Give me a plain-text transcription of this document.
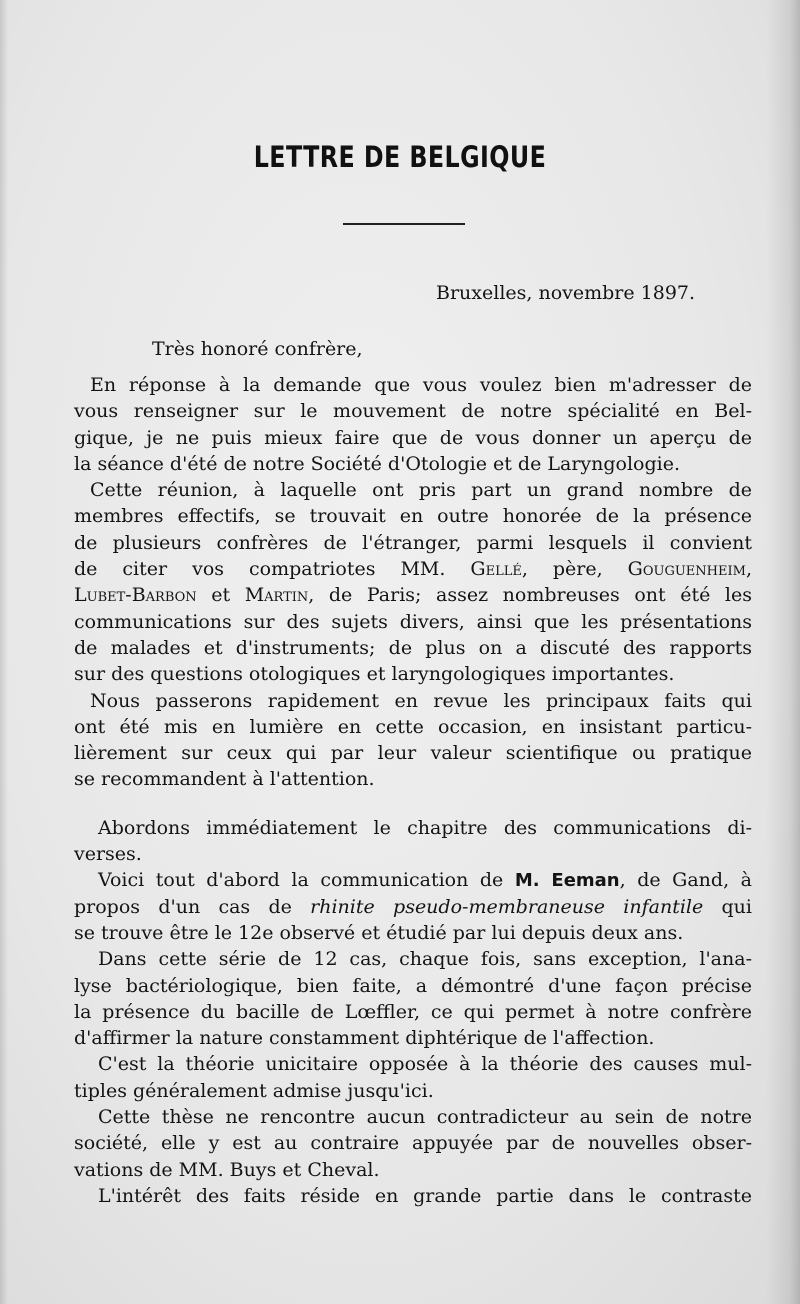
LETTRE DE BELGIQUE
Bruxelles, novembre 1897.
Très honoré confrère,
En réponse à la demande que vous voulez bien m'adresser de
vous renseigner sur le mouvement de notre spécialité en Bel-
gique, je ne puis mieux faire que de vous donner un aperçu de
la séance d'été de notre Société d'Otologie et de Laryngologie.
Cette réunion, à laquelle ont pris part un grand nombre de
membres effectifs, se trouvait en outre honorée de la présence
de plusieurs confrères de l'étranger, parmi lesquels il convient
de citer vos compatriotes MM. Gellé, père, Gouguenheim,
Lubet-Barbon et Martin, de Paris; assez nombreuses ont été les
communications sur des sujets divers, ainsi que les présentations
de malades et d'instruments; de plus on a discuté des rapports
sur des questions otologiques et laryngologiques importantes.
Nous passerons rapidement en revue les principaux faits qui
ont été mis en lumière en cette occasion, en insistant particu-
lièrement sur ceux qui par leur valeur scientifique ou pratique
se recommandent à l'attention.
Abordons immédiatement le chapitre des communications di-
verses.
Voici tout d'abord la communication de M. Eeman, de Gand, à
propos d'un cas de rhinite pseudo-membraneuse infantile qui
se trouve être le 12e observé et étudié par lui depuis deux ans.
Dans cette série de 12 cas, chaque fois, sans exception, l'ana-
lyse bactériologique, bien faite, a démontré d'une façon précise
la présence du bacille de Lœffler, ce qui permet à notre confrère
d'affirmer la nature constamment diphtérique de l'affection.
C'est la théorie unicitaire opposée à la théorie des causes mul-
tiples généralement admise jusqu'ici.
Cette thèse ne rencontre aucun contradicteur au sein de notre
société, elle y est au contraire appuyée par de nouvelles obser-
vations de MM. Buys et Cheval.
L'intérêt des faits réside en grande partie dans le contraste
